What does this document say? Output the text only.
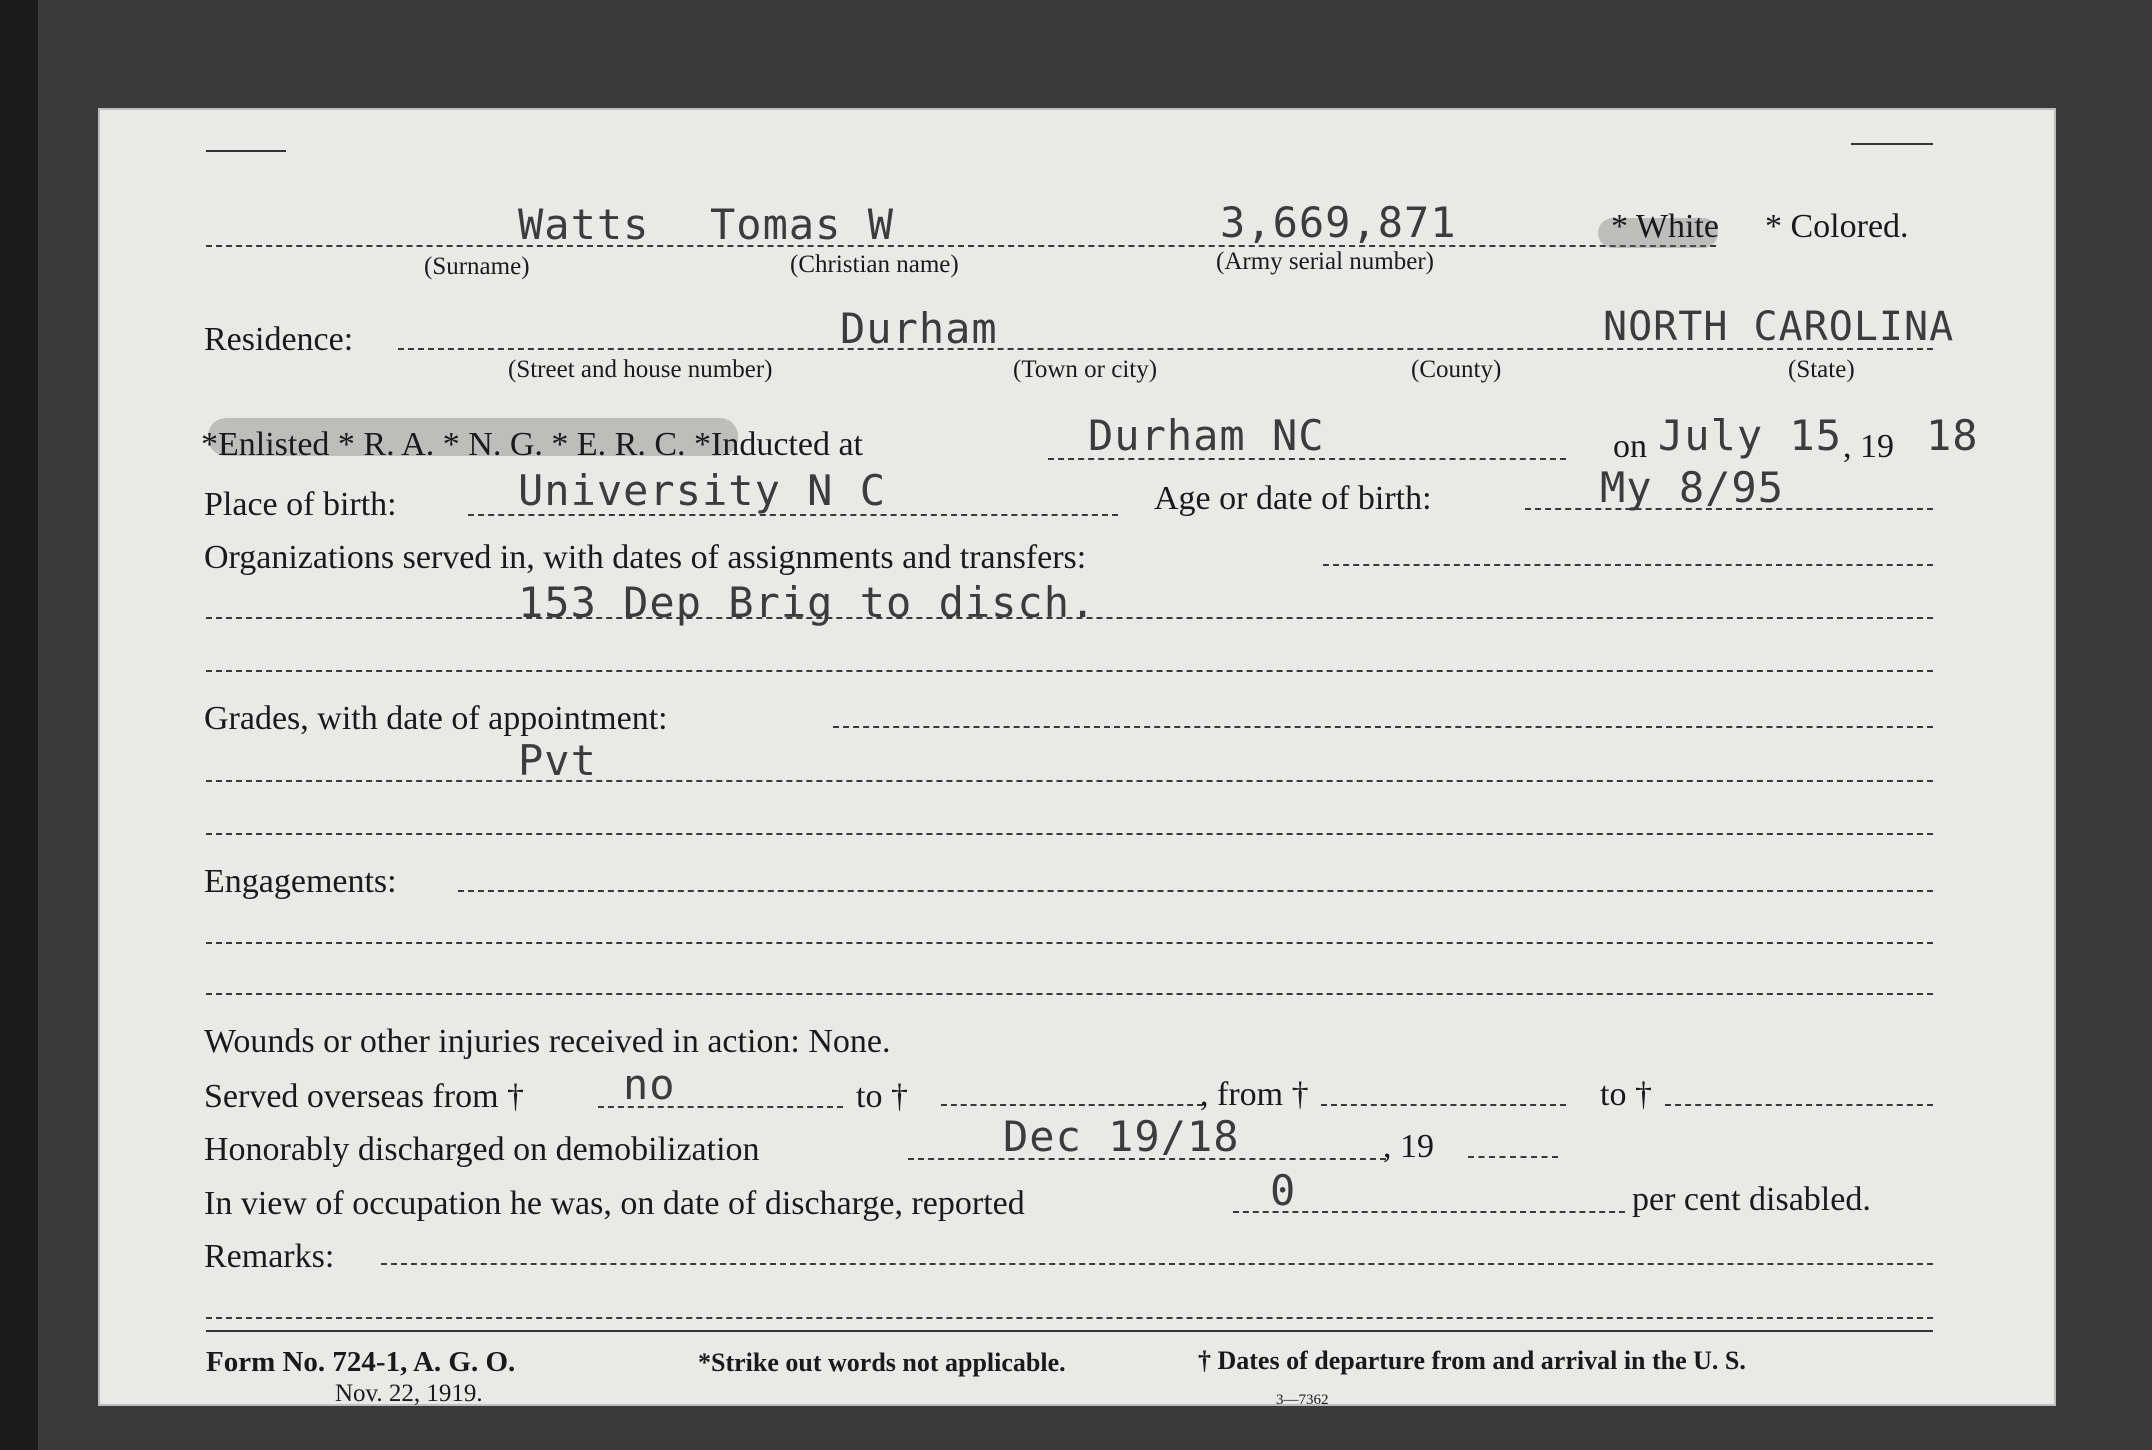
Watts Tomas W	3,669,871	* White * Colored.
(Surname)	(Christian name)	(Army serial number)
Residence:	Durham	NORTH CAROLINA
(Street and house number)	(Town or city)	(County)	(State)
*Enlisted * R. A. * N. G. * E. R. C. *Inducted at	Durham NC	on July 15 , 19 18
Place of birth:	University N C	Age or date of birth:	My 8/95
Organizations served in, with dates of assignments and transfers:
153 Dep Brig to disch.
Grades, with date of appointment:
Pvt
Engagements:
Wounds or other injuries received in action: None.
Served overseas from † no	to †	, from †	to †
Honorably discharged on demobilization	Dec 19/18	, 19
In view of occupation he was, on date of discharge, reported	0	per cent disabled.
Remarks:
Form No. 724-1, A. G. O.
Nov. 22, 1919.
*Strike out words not applicable.	† Dates of departure from and arrival in the U. S.
3—7362
